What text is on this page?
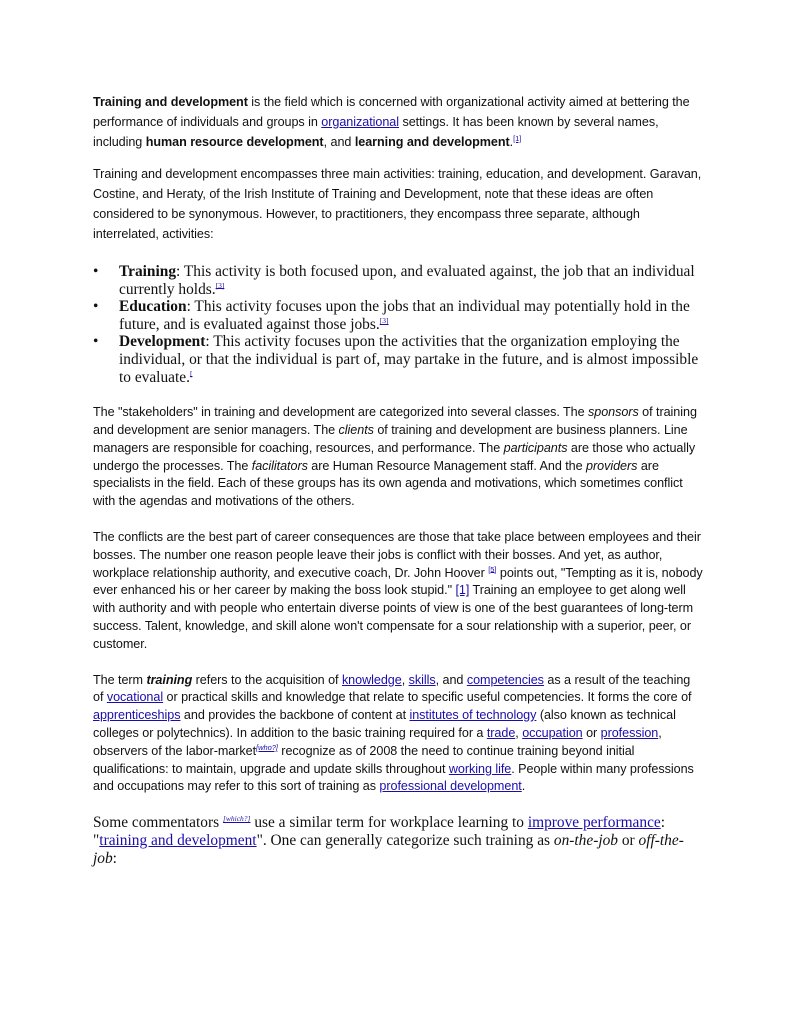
Training and development is the field which is concerned with organizational activity aimed at bettering the performance of individuals and groups in organizational settings. It has been known by several names, including human resource development, and learning and development.[1]

Training and development encompasses three main activities: training, education, and development. Garavan, Costine, and Heraty, of the Irish Institute of Training and Development, note that these ideas are often considered to be synonymous. However, to practitioners, they encompass three separate, although interrelated, activities:

• Training: This activity is both focused upon, and evaluated against, the job that an individual currently holds.[3]
• Education: This activity focuses upon the jobs that an individual may potentially hold in the future, and is evaluated against those jobs.[3]
• Development: This activity focuses upon the activities that the organization employing the individual, or that the individual is part of, may partake in the future, and is almost impossible to evaluate.[

The "stakeholders" in training and development are categorized into several classes. The sponsors of training and development are senior managers. The clients of training and development are business planners. Line managers are responsible for coaching, resources, and performance. The participants are those who actually undergo the processes. The facilitators are Human Resource Management staff. And the providers are specialists in the field. Each of these groups has its own agenda and motivations, which sometimes conflict with the agendas and motivations of the others.

The conflicts are the best part of career consequences are those that take place between employees and their bosses. The number one reason people leave their jobs is conflict with their bosses. And yet, as author, workplace relationship authority, and executive coach, Dr. John Hoover [5] points out, "Tempting as it is, nobody ever enhanced his or her career by making the boss look stupid." [1] Training an employee to get along well with authority and with people who entertain diverse points of view is one of the best guarantees of long-term success. Talent, knowledge, and skill alone won't compensate for a sour relationship with a superior, peer, or customer.

The term training refers to the acquisition of knowledge, skills, and competencies as a result of the teaching of vocational or practical skills and knowledge that relate to specific useful competencies. It forms the core of apprenticeships and provides the backbone of content at institutes of technology (also known as technical colleges or polytechnics). In addition to the basic training required for a trade, occupation or profession, observers of the labor-market[who?] recognize as of 2008 the need to continue training beyond initial qualifications: to maintain, upgrade and update skills throughout working life. People within many professions and occupations may refer to this sort of training as professional development.

Some commentators [which?] use a similar term for workplace learning to improve performance: "training and development". One can generally categorize such training as on-the-job or off-the-job:
